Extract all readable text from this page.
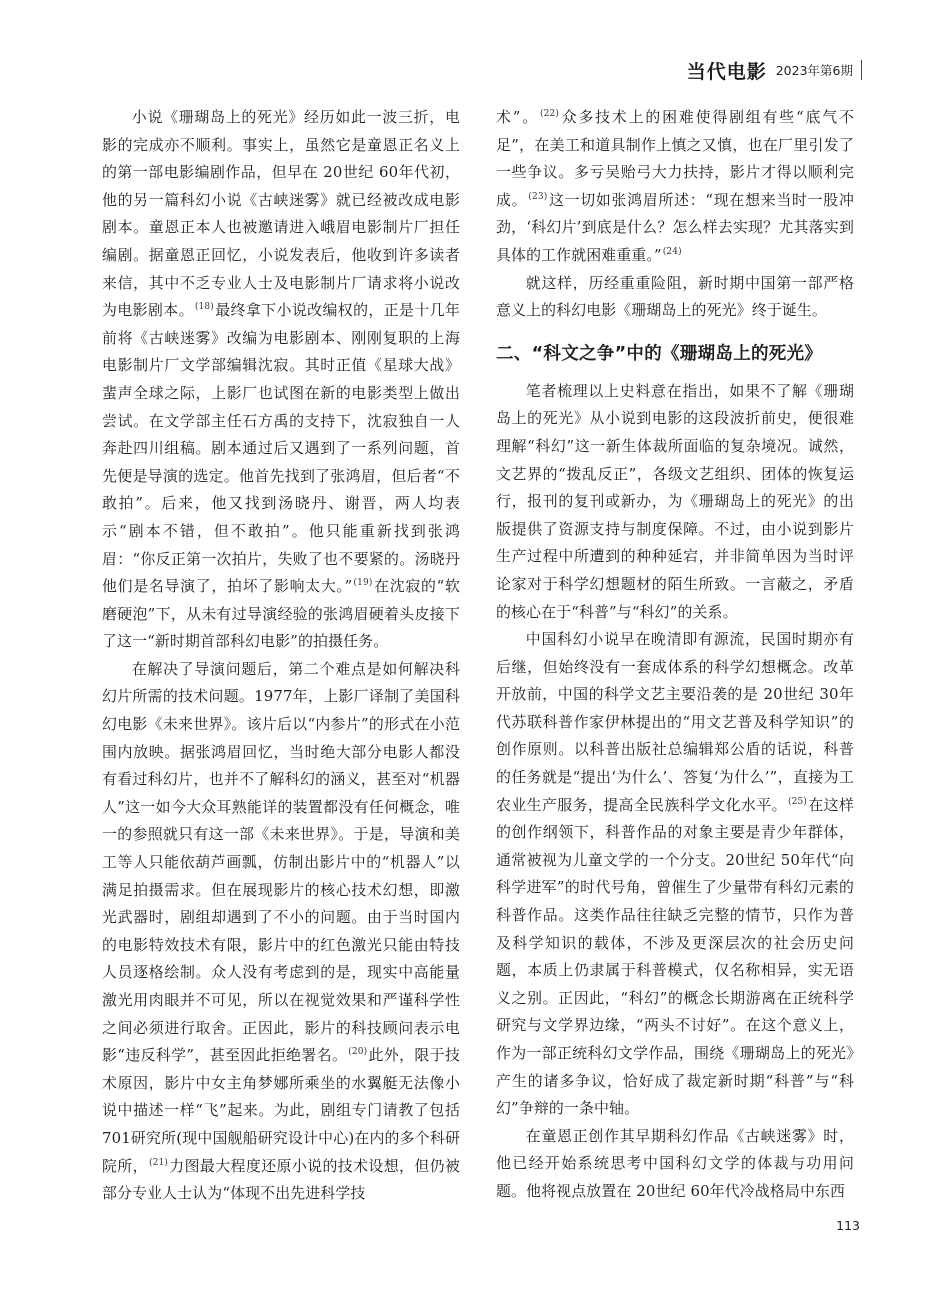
当代电影 2023年第6期

小说《珊瑚岛上的死光》经历如此一波三折，电影的完成亦不顺利。事实上，虽然它是童恩正名义上的第一部电影编剧作品，但早在 20世纪 60年代初，他的另一篇科幻小说《古峡迷雾》就已经被改成电影剧本。童恩正本人也被邀请进入峨眉电影制片厂担任编剧。据童恩正回忆，小说发表后，他收到许多读者来信，其中不乏专业人士及电影制片厂请求将小说改为电影剧本。$^{(18)}$最终拿下小说改编权的，正是十几年前将《古峡迷雾》改编为电影剧本、刚刚复职的上海电影制片厂文学部编辑沈寂。其时正值《星球大战》蜚声全球之际，上影厂也试图在新的电影类型上做出尝试。在文学部主任石方禹的支持下，沈寂独自一人奔赴四川组稿。剧本通过后又遇到了一系列问题，首先便是导演的选定。他首先找到了张鸿眉，但后者“不敢拍”。后来，他又找到汤晓丹、谢晋，两人均表示“剧本不错，但不敢拍”。他只能重新找到张鸿眉：“你反正第一次拍片，失败了也不要紧的。汤晓丹他们是名导演了，拍坏了影响太大。”$^{(19)}$在沈寂的“软磨硬泡”下，从未有过导演经验的张鸿眉硬着头皮接下了这一“新时期首部科幻电影”的拍摄任务。

在解决了导演问题后，第二个难点是如何解决科幻片所需的技术问题。1977年，上影厂译制了美国科幻电影《未来世界》。该片后以“内参片”的形式在小范围内放映。据张鸿眉回忆，当时绝大部分电影人都没有看过科幻片，也并不了解科幻的涵义，甚至对“机器人”这一如今大众耳熟能详的装置都没有任何概念，唯一的参照就只有这一部《未来世界》。于是，导演和美工等人只能依葫芦画瓢，仿制出影片中的“机器人”以满足拍摄需求。但在展现影片的核心技术幻想，即激光武器时，剧组却遇到了不小的问题。由于当时国内的电影特效技术有限，影片中的红色激光只能由特技人员逐格绘制。众人没有考虑到的是，现实中高能量激光用肉眼并不可见，所以在视觉效果和严谨科学性之间必须进行取舍。正因此，影片的科技顾问表示电影“违反科学”，甚至因此拒绝署名。$^{(20)}$此外，限于技术原因，影片中女主角梦娜所乘坐的水翼艇无法像小说中描述一样“飞”起来。为此，剧组专门请教了包括 701研究所(现中国舰船研究设计中心)在内的多个科研院所，$^{(21)}$力图最大程度还原小说的技术设想，但仍被部分专业人士认为“体现不出先进科学技

术”。$^{(22)}$众多技术上的困难使得剧组有些“底气不足”，在美工和道具制作上慎之又慎，也在厂里引发了一些争议。多亏吴贻弓大力扶持，影片才得以顺利完成。$^{(23)}$这一切如张鸿眉所述：“现在想来当时一股冲劲，‘科幻片’到底是什么？怎么样去实现？尤其落实到具体的工作就困难重重。”$^{(24)}$

就这样，历经重重险阻，新时期中国第一部严格意义上的科幻电影《珊瑚岛上的死光》终于诞生。

二、“科文之争”中的《珊瑚岛上的死光》

笔者梳理以上史料意在指出，如果不了解《珊瑚岛上的死光》从小说到电影的这段波折前史，便很难理解“科幻”这一新生体裁所面临的复杂境况。诚然，文艺界的“拨乱反正”，各级文艺组织、团体的恢复运行，报刊的复刊或新办，为《珊瑚岛上的死光》的出版提供了资源支持与制度保障。不过，由小说到影片生产过程中所遭到的种种延宕，并非简单因为当时评论家对于科学幻想题材的陌生所致。一言蔽之，矛盾的核心在于“科普”与“科幻”的关系。

中国科幻小说早在晚清即有源流，民国时期亦有后继，但始终没有一套成体系的科学幻想概念。改革开放前，中国的科学文艺主要沿袭的是 20世纪 30年代苏联科普作家伊林提出的“用文艺普及科学知识”的创作原则。以科普出版社总编辑郑公盾的话说，科普的任务就是“提出‘为什么’、答复‘为什么’”，直接为工农业生产服务，提高全民族科学文化水平。$^{(25)}$在这样的创作纲领下，科普作品的对象主要是青少年群体，通常被视为儿童文学的一个分支。20世纪 50年代“向科学进军”的时代号角，曾催生了少量带有科幻元素的科普作品。这类作品往往缺乏完整的情节，只作为普及科学知识的载体，不涉及更深层次的社会历史问题，本质上仍隶属于科普模式，仅名称相异，实无语义之别。正因此，“科幻”的概念长期游离在正统科学研究与文学界边缘，“两头不讨好”。在这个意义上，作为一部正统科幻文学作品，围绕《珊瑚岛上的死光》产生的诸多争议，恰好成了裁定新时期“科普”与“科幻”争辩的一条中轴。

在童恩正创作其早期科幻作品《古峡迷雾》时，他已经开始系统思考中国科幻文学的体裁与功用问题。他将视点放置在 20世纪 60年代冷战格局中东西

113
